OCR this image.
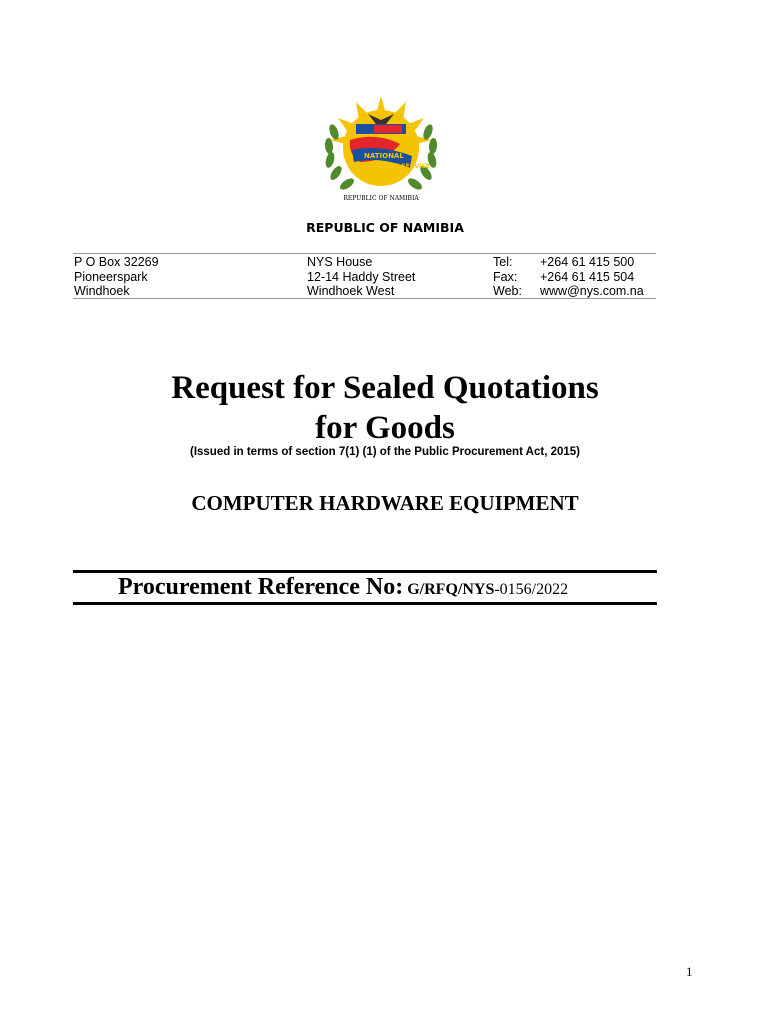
NATIONAL
YOUTH SERVICE
REPUBLIC OF NAMIBIA
REPUBLIC OF NAMIBIA
P O Box 32269
Pioneerspark
Windhoek
NYS House
12-14 Haddy Street
Windhoek West
Tel:
Fax:
Web:
+264 61 415 500
+264 61 415 504
www@nys.com.na
Request for Sealed Quotations
for Goods
(Issued in terms of section 7(1) (1) of the Public Procurement Act, 2015)
COMPUTER HARDWARE EQUIPMENT
Procurement Reference No: G/RFQ/NYS-0156/2022
1
